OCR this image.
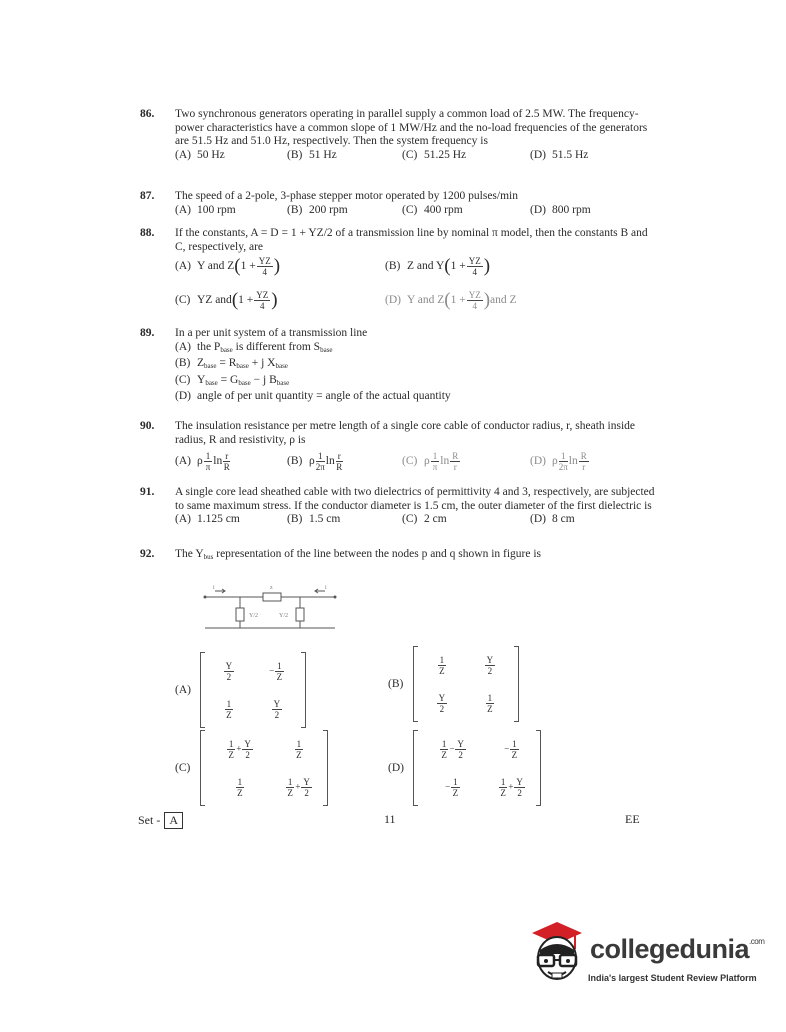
86.	Two synchronous generators operating in parallel supply a common load of 2.5 MW. The frequency-power characteristics have a common slope of 1 MW/Hz and the no-load frequencies of the generators are 51.5 Hz and 51.0 Hz, respectively. Then the system frequency is
(A) 50 Hz	(B) 51 Hz	(C) 51.25 Hz	(D) 51.5 Hz
87.	The speed of a 2-pole, 3-phase stepper motor operated by 1200 pulses/min
(A) 100 rpm	(B) 200 rpm	(C) 400 rpm	(D) 800 rpm
88.	If the constants, A = D = 1 + YZ/2 of a transmission line by nominal π model, then the constants B and C, respectively, are
(A) Y and $Z(1 + \frac{YZ}{4}$ )	(B) Z and $Y(1 + \frac{YZ}{4}$ )
(C) YZ $and(1 + \frac{YZ}{4}$ )	(D) Y and $Z(1 + \frac{YZ}{4} )and$ Z
89.	In a per unit system of a transmission line
(A) the $P_{base}$ is different from $S_{base}$
(B) $Z_{base} = R_{base} + j$ $X_{base}$
(C) $Y_{base} = G_{base} - j$ $B_{base}$
(D) angle of per unit quantity = angle of the actual quantity
90.	The insulation resistance per metre length of a single core cable of conductor radius, r, sheath inside radius, R and resistivity, ρ is
(A) ρ $\frac{1}{\pi}$ $\ln \frac{r}{R}$	(B) ρ $\frac{1}{2\pi}$ $\ln \frac{r}{R}$	(C) ρ $\frac{1}{\pi}$ $\ln \frac{R}{r}$	(D) ρ $\frac{1}{2\pi}$ $\ln \frac{R}{r}$
91.	A single core lead sheathed cable with two dielectrics of permittivity 4 and 3, respectively, are subjected to same maximum stress. If the conductor diameter is 1.5 cm, the outer diameter of the first dielectric is
(A) 1.125 cm	(B) 1.5 cm	(C) 2 cm	(D) 8 cm
92.	The $Y_{bus}$ representation of the line between the nodes p and q shown in figure is
i	z
Y/2	Y/2
i
(A)
$\frac{Y}{2}$	− $\frac{1}{Z}$
$\frac{1}{Z}$	$\frac{Y}{2}$
(B)
$\frac{1}{Z}$	$\frac{Y}{2}$
$\frac{Y}{2}$	$\frac{1}{Z}$
(C)
$\frac{1}{Z} + \frac{Y}{2}$	$\frac{1}{Z}$
$\frac{1}{Z}$	$\frac{1}{Z} + \frac{Y}{2}$
(D)
$\frac{1}{Z} - \frac{Y}{2}$	− $\frac{1}{Z}$
− $\frac{1}{Z}$	$\frac{1}{Z} + \frac{Y}{2}$
Set - A	11	EE
collegedunia$^{.com}$
India's largest Student Review Platform
